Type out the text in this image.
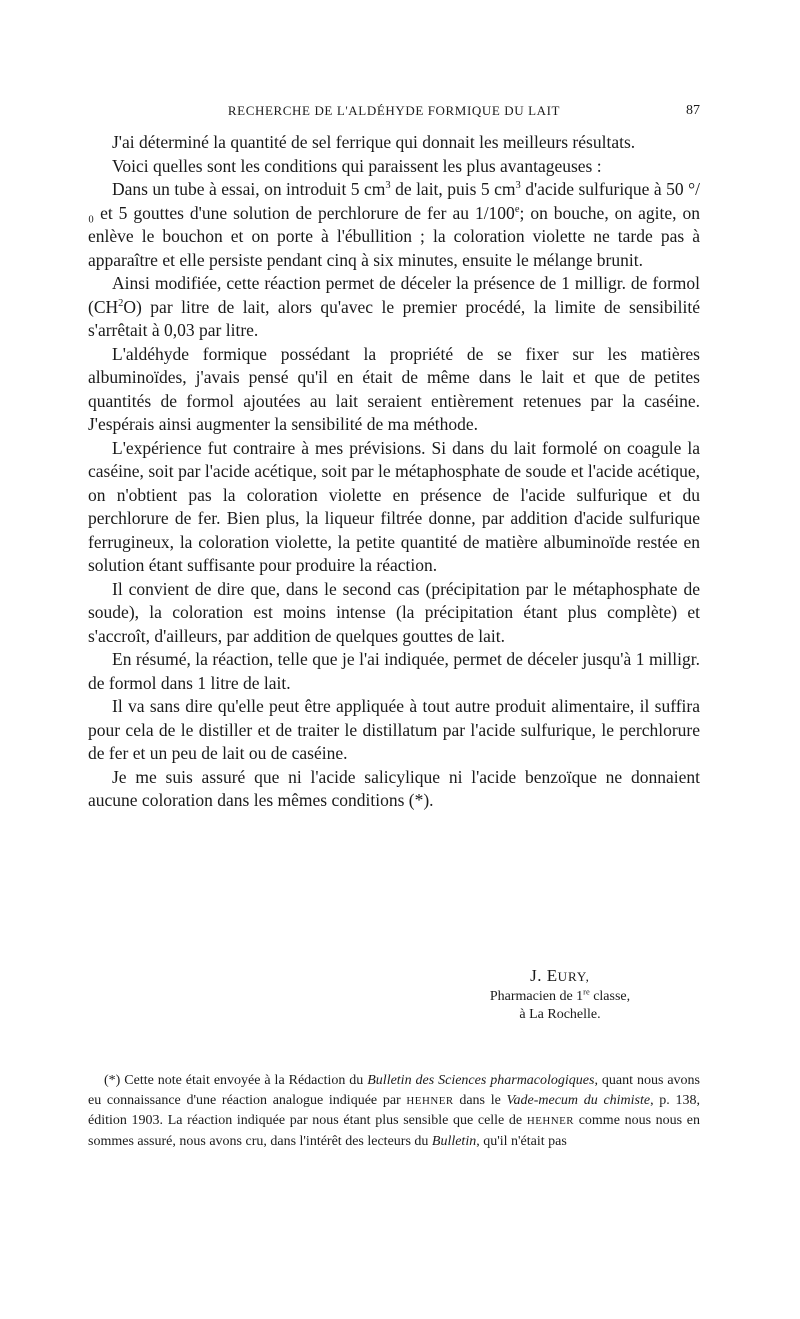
RECHERCHE DE L'ALDÉHYDE FORMIQUE DU LAIT	87

J'ai déterminé la quantité de sel ferrique qui donnait les meilleurs résultats.

Voici quelles sont les conditions qui paraissent les plus avantageuses :

Dans un tube à essai, on introduit 5 $cm^3$ de lait, puis 5 $cm^3$ d'acide sulfurique à 50 °/₀ et 5 gouttes d'une solution de perchlorure de fer au 1/100e; on bouche, on agite, on enlève le bouchon et on porte à l'ébullition ; la coloration violette ne tarde pas à apparaître et elle persiste pendant cinq à six minutes, ensuite le mélange brunit.

Ainsi modifiée, cette réaction permet de déceler la présence de 1 milligr. de formol $(CH^2O)$ par litre de lait, alors qu'avec le premier procédé, la limite de sensibilité s'arrêtait à 0,03 par litre.

L'aldéhyde formique possédant la propriété de se fixer sur les matières albuminoïdes, j'avais pensé qu'il en était de même dans le lait et que de petites quantités de formol ajoutées au lait seraient entièrement retenues par la caséine. J'espérais ainsi augmenter la sensibilité de ma méthode.

L'expérience fut contraire à mes prévisions. Si dans du lait formolé on coagule la caséine, soit par l'acide acétique, soit par le métaphosphate de soude et l'acide acétique, on n'obtient pas la coloration violette en présence de l'acide sulfurique et du perchlorure de fer. Bien plus, la liqueur filtrée donne, par addition d'acide sulfurique ferrugineux, la coloration violette, la petite quantité de matière albuminoïde restée en solution étant suffisante pour produire la réaction.

Il convient de dire que, dans le second cas (précipitation par le métaphosphate de soude), la coloration est moins intense (la précipitation étant plus complète) et s'accroît, d'ailleurs, par addition de quelques gouttes de lait.

En résumé, la réaction, telle que je l'ai indiquée, permet de déceler jusqu'à 1 milligr. de formol dans 1 litre de lait.

Il va sans dire qu'elle peut être appliquée à tout autre produit alimentaire, il suffira pour cela de le distiller et de traiter le distillatum par l'acide sulfurique, le perchlorure de fer et un peu de lait ou de caséine.

Je me suis assuré que ni l'acide salicylique ni l'acide benzoïque ne donnaient aucune coloration dans les mêmes conditions (*).

J. EURY,
Pharmacien de 1re classe,
à La Rochelle.

(*) Cette note était envoyée à la Rédaction du Bulletin des Sciences pharmacologiques, quant nous avons eu connaissance d'une réaction analogue indiquée par HEHNER dans le Vade-mecum du chimiste, p. 138, édition 1903. La réaction indiquée par nous étant plus sensible que celle de HEHNER comme nous nous en sommes assuré, nous avons cru, dans l'intérêt des lecteurs du Bulletin, qu'il n'était pas
